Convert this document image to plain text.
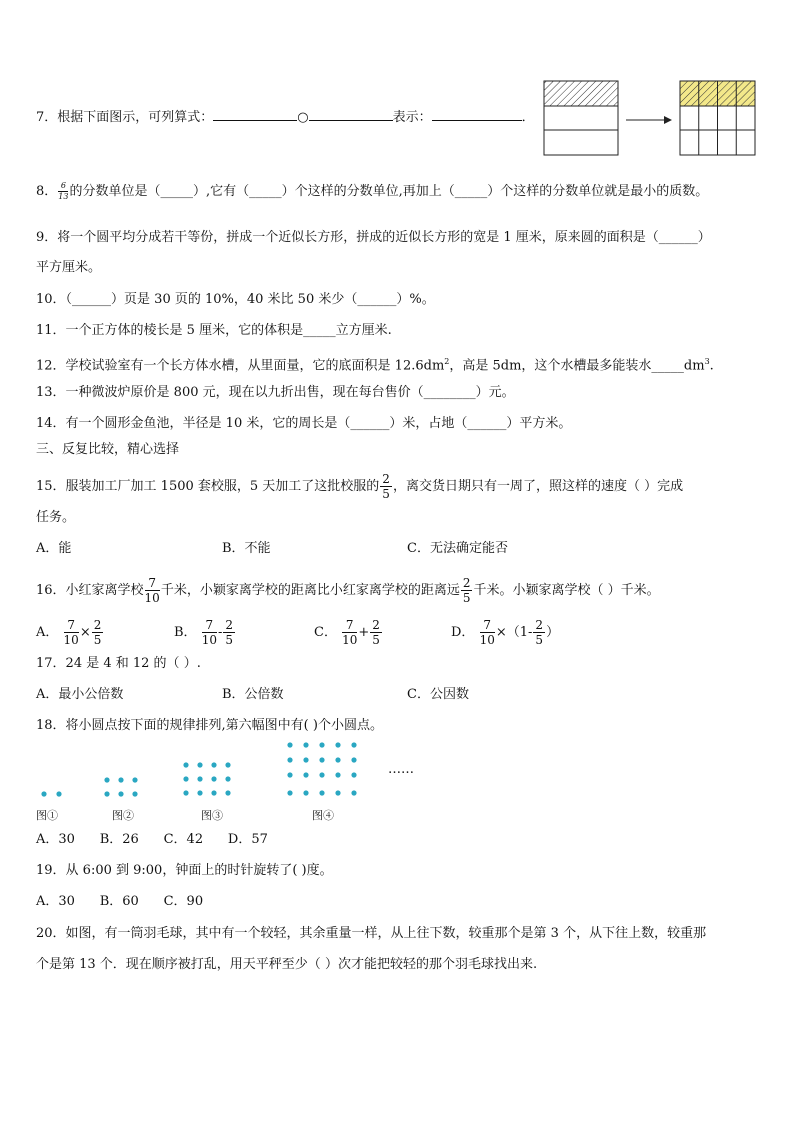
7．根据下面图示，可列算式：	○	表示：	．
8． $\frac{6}{13}$ 的分数单位是（_____）,它有（_____）个这样的分数单位,再加上（_____）个这样的分数单位就是最小的质数。
9．将一个圆平均分成若干等份，拼成一个近似长方形，拼成的近似长方形的宽是 1 厘米，原来圆的面积是（______）
平方厘米。
10．（______）页是 30 页的 10%，40 米比 50 米少（______）%。
11．一个正方体的棱长是 5 厘米，它的体积是_____立方厘米.
12．学校试验室有一个长方体水槽，从里面量，它的底面积是 $12.6dm^2$，高是 5dm，这个水槽最多能装水$\_\_\_\_\_dm^3$.
13．一种微波炉原价是 800 元，现在以九折出售，现在每台售价（________）元。
14．有一个圆形金鱼池，半径是 10 米，它的周长是（______）米，占地（______）平方米。
三、反复比较，精心选择
15．服装加工厂加工 1500 套校服，5 天加工了这批校服的 $\frac{2}{5}$ ，离交货日期只有一周了，照这样的速度（ ）完成
任务。
A．能	B．不能	C．无法确定能否
16．小红家离学校 $\frac{7}{10}$ 千米，小颖家离学校的距离比小红家离学校的距离远 $\frac{2}{5}$ 千米。小颖家离学校（ ）千米。
A． $\frac{7}{10} \times \frac{2}{5}$	B． $\frac{7}{10} - \frac{2}{5}$	C． $\frac{7}{10} + \frac{2}{5}$	D． $\frac{7}{10} \times(1- \frac{2}{5}$ ）
17．24 是 4 和 12 的（ ）.
A．最小公倍数	B．公倍数	C．公因数
18．将小圆点按下面的规律排列,第六幅图中有( )个小圆点。
……
图①	图②	图③	图④
A．30      B．26      C．42      D．57
19．从 6:00 到 9:00，钟面上的时针旋转了( )度。
A．30      B．60      C．90
20．如图，有一筒羽毛球，其中有一个较轻，其余重量一样，从上往下数，较重那个是第 3 个，从下往上数，较重那
个是第 13 个．现在顺序被打乱，用天平秤至少（ ）次才能把较轻的那个羽毛球找出来.
